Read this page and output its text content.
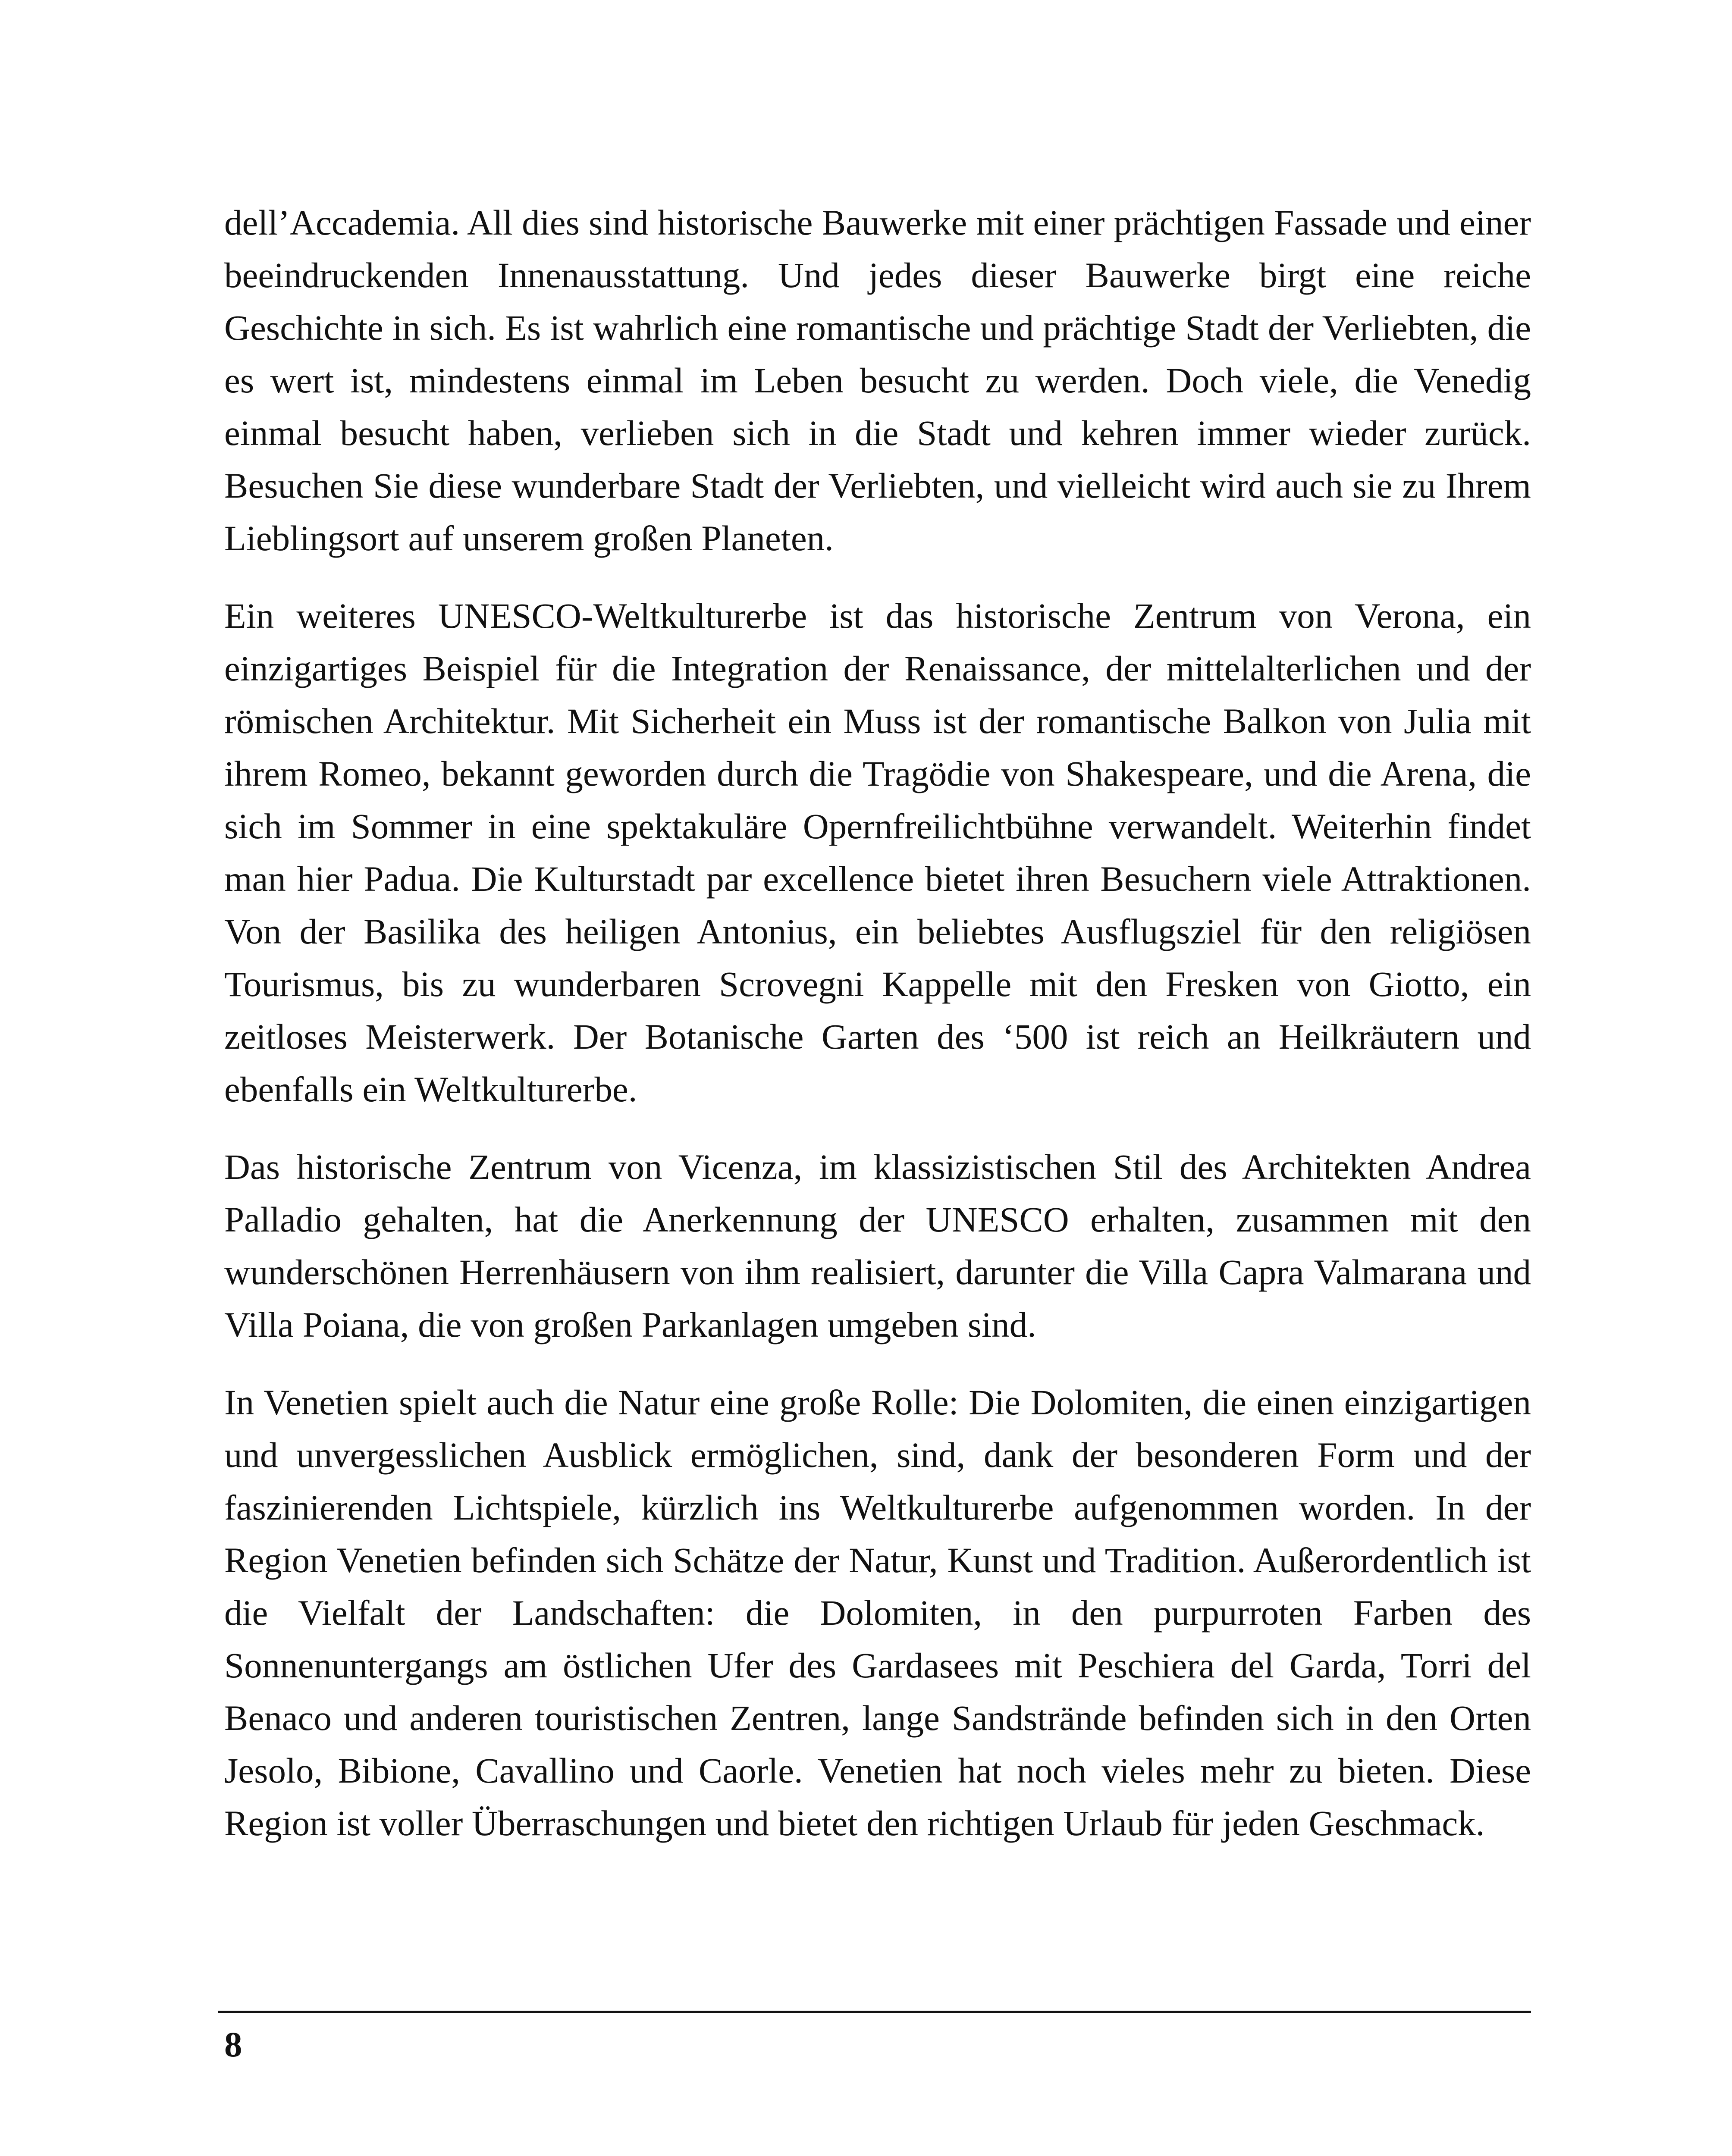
dell’Accademia. All dies sind historische Bauwerke mit einer prächtigen Fassade und einer beeindruckenden Innenausstattung. Und jedes dieser Bauwerke birgt eine reiche Geschichte in sich. Es ist wahrlich eine romantische und prächtige Stadt der Verliebten, die es wert ist, mindestens einmal im Leben besucht zu werden. Doch viele, die Venedig einmal besucht haben, verlieben sich in die Stadt und kehren immer wieder zurück. Besuchen Sie diese wunderbare Stadt der Verliebten, und vielleicht wird auch sie zu Ihrem Lieblingsort auf unserem großen Planeten.

Ein weiteres UNESCO-Weltkulturerbe ist das historische Zentrum von Verona, ein einzigartiges Beispiel für die Integration der Renaissance, der mittelalterlichen und der römischen Architektur. Mit Sicherheit ein Muss ist der romantische Balkon von Julia mit ihrem Romeo, bekannt geworden durch die Tragödie von Shakespeare, und die Arena, die sich im Sommer in eine spektakuläre Opernfreilichtbühne verwandelt. Weiterhin findet man hier Padua. Die Kulturstadt par excellence bietet ihren Besuchern viele Attraktionen. Von der Basilika des heiligen Antonius, ein beliebtes Ausflugsziel für den religiösen Tourismus, bis zu wunderbaren Scrovegni Kappelle mit den Fresken von Giotto, ein zeitloses Meisterwerk. Der Botanische Garten des ‘500 ist reich an Heilkräutern und ebenfalls ein Weltkulturerbe.

Das historische Zentrum von Vicenza, im klassizistischen Stil des Architekten Andrea Palladio gehalten, hat die Anerkennung der UNESCO erhalten, zusammen mit den wunderschönen Herrenhäusern von ihm realisiert, darunter die Villa Capra Valmarana und Villa Poiana, die von großen Parkanlagen umgeben sind.

In Venetien spielt auch die Natur eine große Rolle: Die Dolomiten, die einen einzigartigen und unvergesslichen Ausblick ermöglichen, sind, dank der besonderen Form und der faszinierenden Lichtspiele, kürzlich ins Weltkulturerbe aufgenommen worden. In der Region Venetien befinden sich Schätze der Natur, Kunst und Tradition. Außerordentlich ist die Vielfalt der Landschaften: die Dolomiten, in den purpurroten Farben des Sonnenuntergangs am östlichen Ufer des Gardasees mit Peschiera del Garda, Torri del Benaco und anderen touristischen Zentren, lange Sandstrände befinden sich in den Orten Jesolo, Bibione, Cavallino und Caorle. Venetien hat noch vieles mehr zu bieten. Diese Region ist voller Überraschungen und bietet den richtigen Urlaub für jeden Geschmack.

8
